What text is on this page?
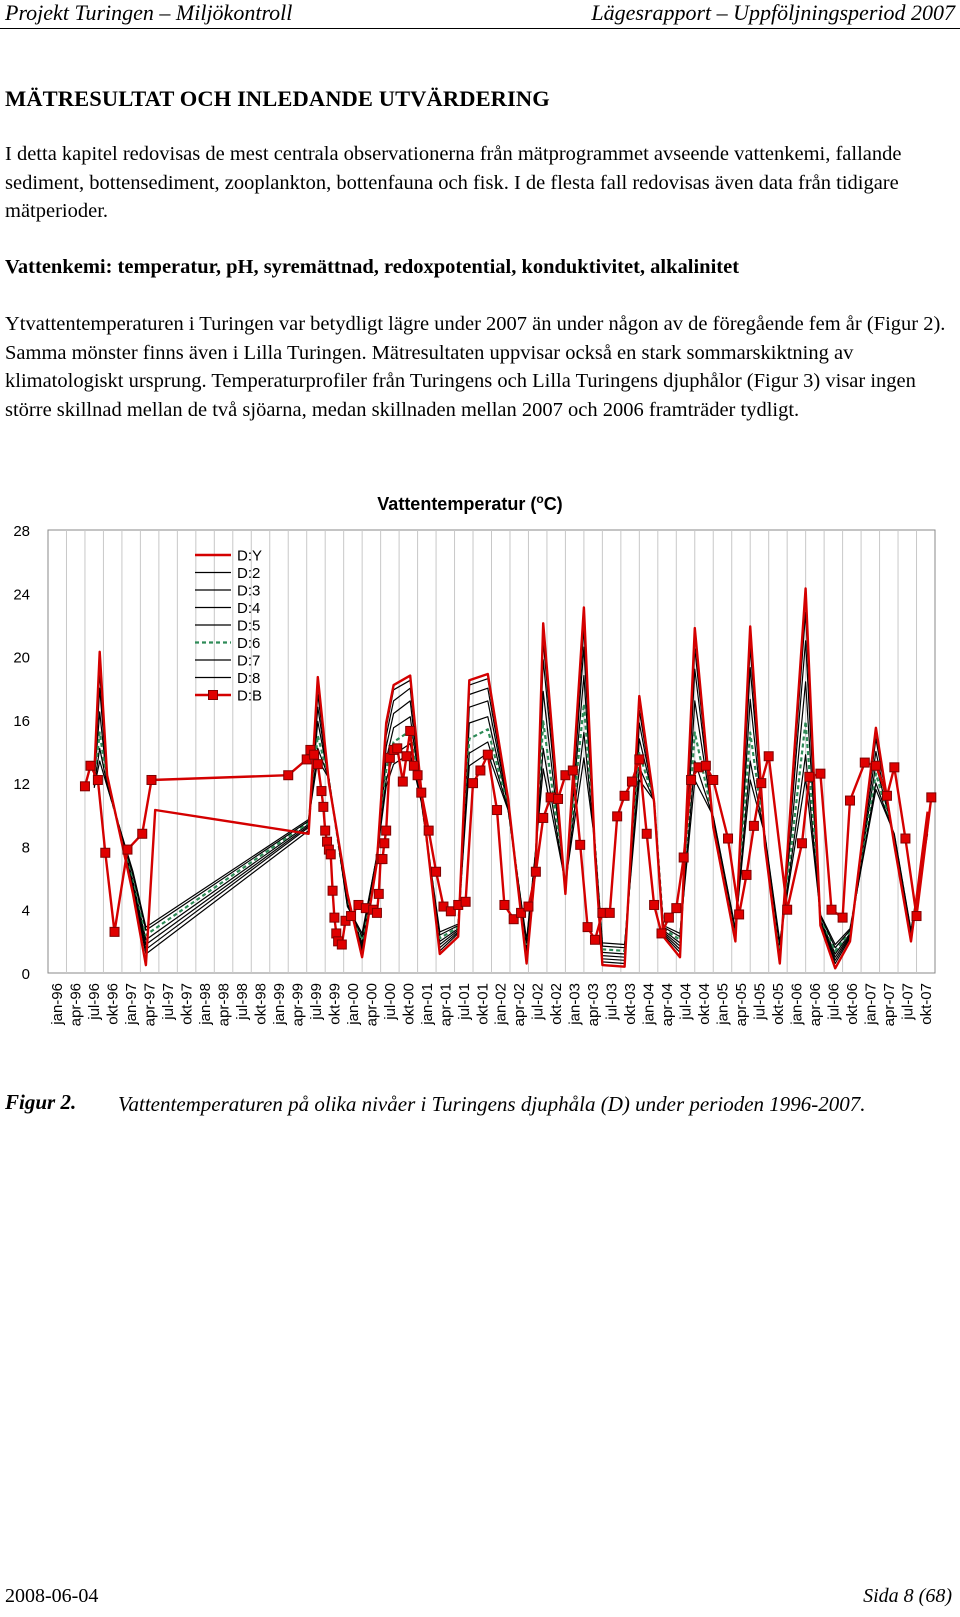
Projekt Turingen – Miljökontroll	Lägesrapport – Uppföljningsperiod 2007
MÄTRESULTAT OCH INLEDANDE UTVÄRDERING

I detta kapitel redovisas de mest centrala observationerna från mätprogrammet avseende vattenkemi, fallande sediment, bottensediment, zooplankton, bottenfauna och fisk. I de flesta fall redovisas även data från tidigare mätperioder.

Vattenkemi: temperatur, pH, syremättnad, redoxpotential, konduktivitet, alkalinitet

Ytvattentemperaturen i Turingen var betydligt lägre under 2007 än under någon av de föregående fem år (Figur 2). Samma mönster finns även i Lilla Turingen. Mätresultaten uppvisar också en stark sommarskiktning av klimatologiskt ursprung. Temperaturprofiler från Turingens och Lilla Turingens djuphålor (Figur 3) visar ingen större skillnad mellan de två sjöarna, medan skillnaden mellan 2007 och 2006 framträder tydligt.

Vattentemperatur ($^o$C)
0
4
8
12
16
20
24
28
jan-96 apr-96 jul-96 okt-96 jan-97 apr-97 jul-97 okt-97 jan-98 apr-98 jul-98 okt-98 jan-99 apr-99 jul-99 okt-99 jan-00 apr-00 jul-00 okt-00 jan-01 apr-01 jul-01 okt-01 jan-02 apr-02 jul-02 okt-02 jan-03 apr-03 jul-03 okt-03 jan-04 apr-04 jul-04 okt-04 jan-05 apr-05 jul-05 okt-05 jan-06 apr-06 jul-06 okt-06 jan-07 apr-07 jul-07 okt-07
D:Y
D:2
D:3
D:4
D:5
D:6
D:7
D:8
D:B
Figur 2. Vattentemperaturen på olika nivåer i Turingens djuphåla (D) under perioden 1996-2007.

2008-06-04	Sida 8 (68)
